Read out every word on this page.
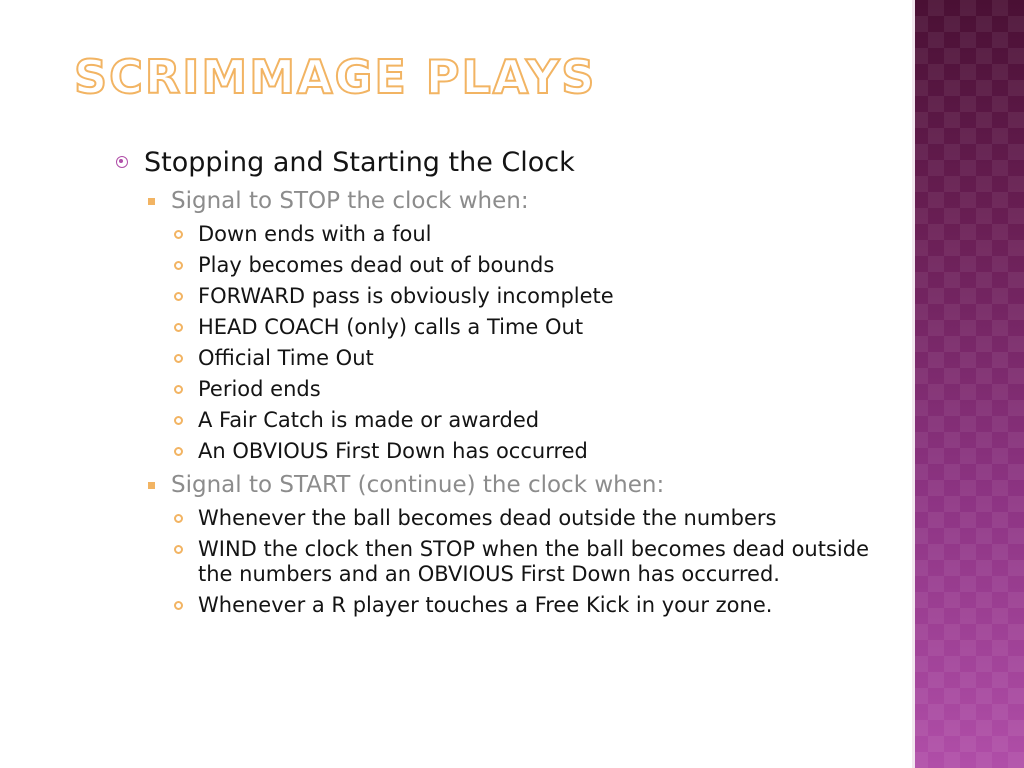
SCRIMMAGE PLAYS
Stopping and Starting the Clock
Signal to STOP the clock when:
Down ends with a foul
Play becomes dead out of bounds
FORWARD pass is obviously incomplete
HEAD COACH (only) calls a Time Out
Official Time Out
Period ends
A Fair Catch is made or awarded
An OBVIOUS First Down has occurred
Signal to START (continue) the clock when:
Whenever the ball becomes dead outside the numbers
WIND the clock then STOP when the ball becomes dead outside the numbers and an OBVIOUS First Down has occurred.
Whenever a R player touches a Free Kick in your zone.
